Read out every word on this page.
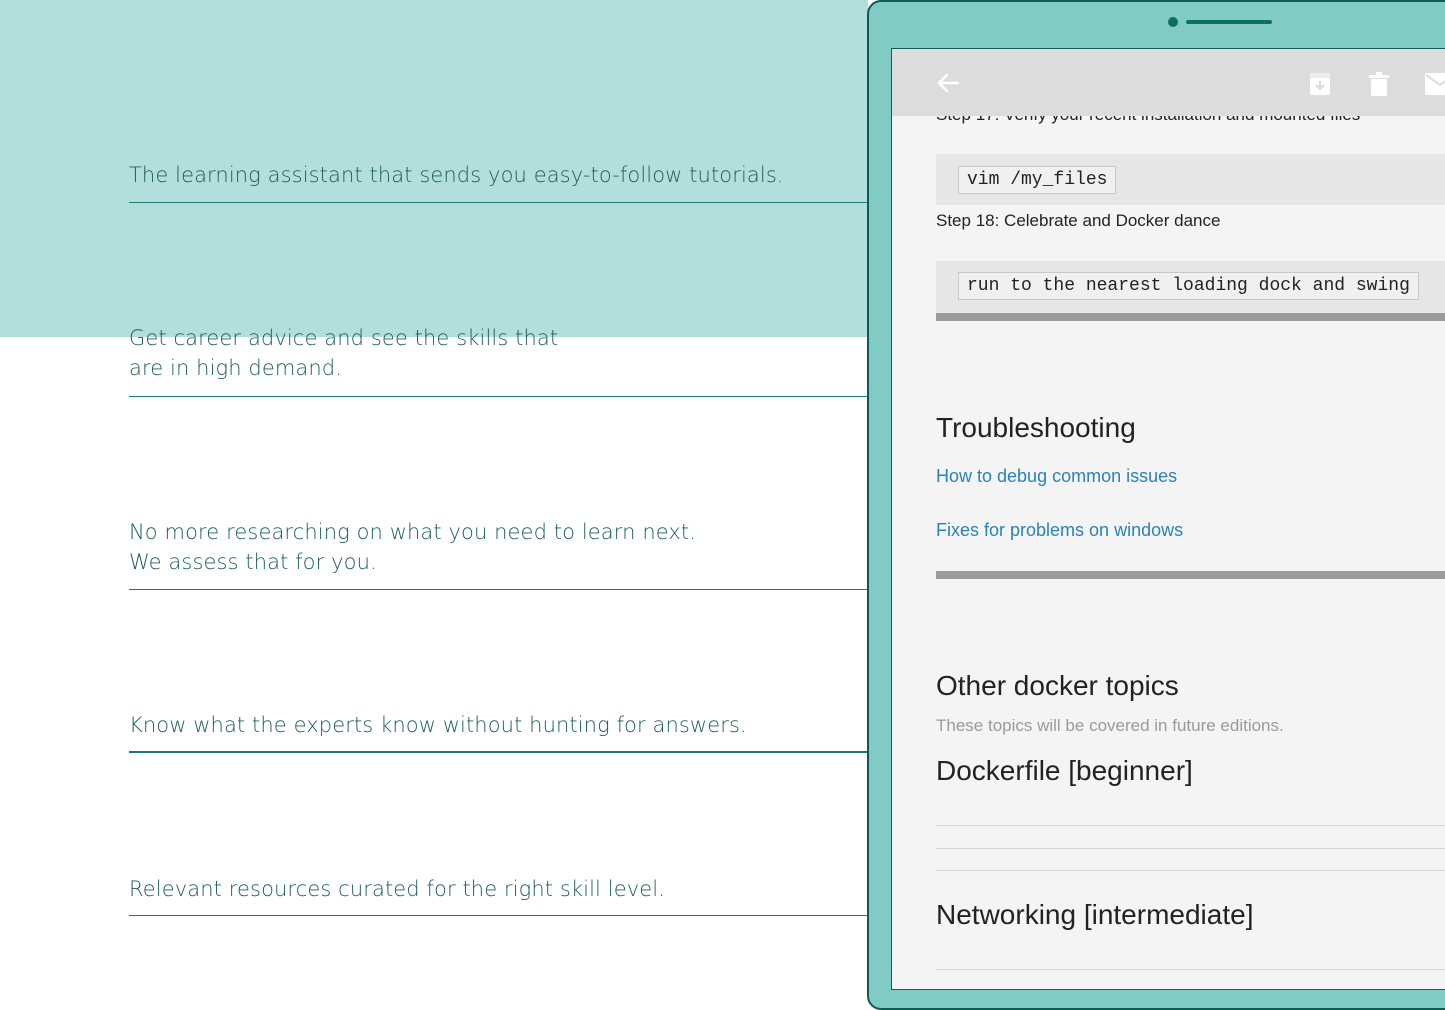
The learning assistant that sends you easy-to-follow tutorials.
Get career advice and see the skills that
are in high demand.
No more researching on what you need to learn next.
We assess that for you.
Know what the experts know without hunting for answers.
Relevant resources curated for the right skill level.
vim /my_files
Step 18: Celebrate and Docker dance
run to the nearest loading dock and swing
Troubleshooting
How to debug common issues
Fixes for problems on windows
Other docker topics
These topics will be covered in future editions.
Dockerfile [beginner]
Networking [intermediate]
